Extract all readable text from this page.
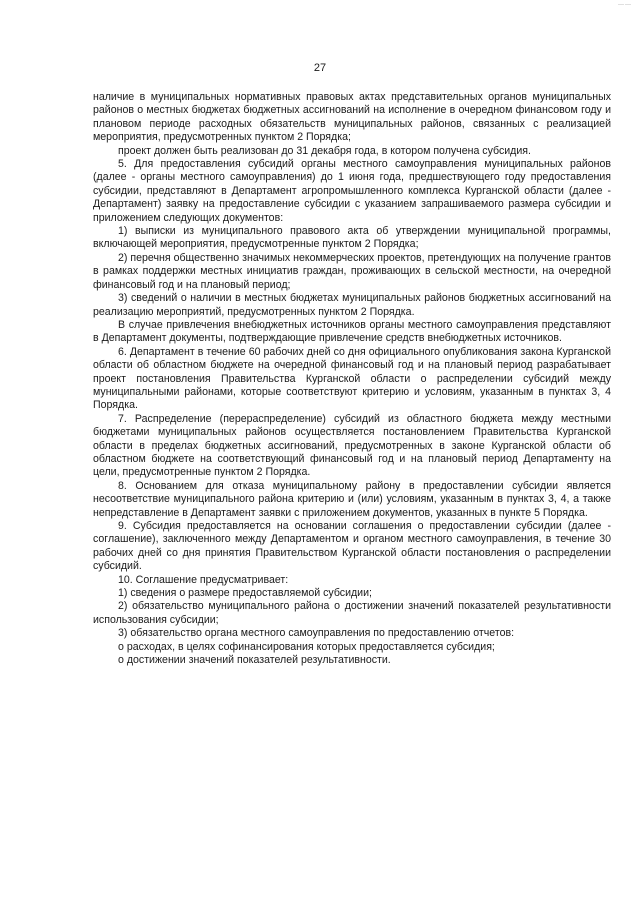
——
27

наличие в муниципальных нормативных правовых актах представительных органов муниципальных районов о местных бюджетах бюджетных ассигнований на исполнение в очередном финансовом году и плановом периоде расходных обязательств муниципальных районов, связанных с реализацией мероприятия, предусмотренных пунктом 2 Порядка;

проект должен быть реализован до 31 декабря года, в котором получена субсидия.

5. Для предоставления субсидий органы местного самоуправления муниципальных районов (далее - органы местного самоуправления) до 1 июня года, предшествующего году предоставления субсидии, представляют в Департамент агропромышленного комплекса Курганской области (далее - Департамент) заявку на предоставление субсидии с указанием запрашиваемого размера субсидии и приложением следующих документов:

1) выписки из муниципального правового акта об утверждении муниципальной программы, включающей мероприятия, предусмотренные пунктом 2 Порядка;

2) перечня общественно значимых некоммерческих проектов, претендующих на получение грантов в рамках поддержки местных инициатив граждан, проживающих в сельской местности, на очередной финансовый год и на плановый период;

3) сведений о наличии в местных бюджетах муниципальных районов бюджетных ассигнований на реализацию мероприятий, предусмотренных пунктом 2 Порядка.

В случае привлечения внебюджетных источников органы местного самоуправления представляют в Департамент документы, подтверждающие привлечение средств внебюджетных источников.

6. Департамент в течение 60 рабочих дней со дня официального опубликования закона Курганской области об областном бюджете на очередной финансовый год и на плановый период разрабатывает проект постановления Правительства Курганской области о распределении субсидий между муниципальными районами, которые соответствуют критерию и условиям, указанным в пунктах 3, 4 Порядка.

7. Распределение (перераспределение) субсидий из областного бюджета между местными бюджетами муниципальных районов осуществляется постановлением Правительства Курганской области в пределах бюджетных ассигнований, предусмотренных в законе Курганской области об областном бюджете на соответствующий финансовый год и на плановый период Департаменту на цели, предусмотренные пунктом 2 Порядка.

8. Основанием для отказа муниципальному району в предоставлении субсидии является несоответствие муниципального района критерию и (или) условиям, указанным в пунктах 3, 4, а также непредставление в Департамент заявки с приложением документов, указанных в пункте 5 Порядка.

9. Субсидия предоставляется на основании соглашения о предоставлении субсидии (далее - соглашение), заключенного между Департаментом и органом местного самоуправления, в течение 30 рабочих дней со дня принятия Правительством Курганской области постановления о распределении субсидий.

10. Соглашение предусматривает:

1) сведения о размере предоставляемой субсидии;

2) обязательство муниципального района о достижении значений показателей результативности использования субсидии;

3) обязательство органа местного самоуправления по предоставлению отчетов:

о расходах, в целях софинансирования которых предоставляется субсидия;

о достижении значений показателей результативности.
